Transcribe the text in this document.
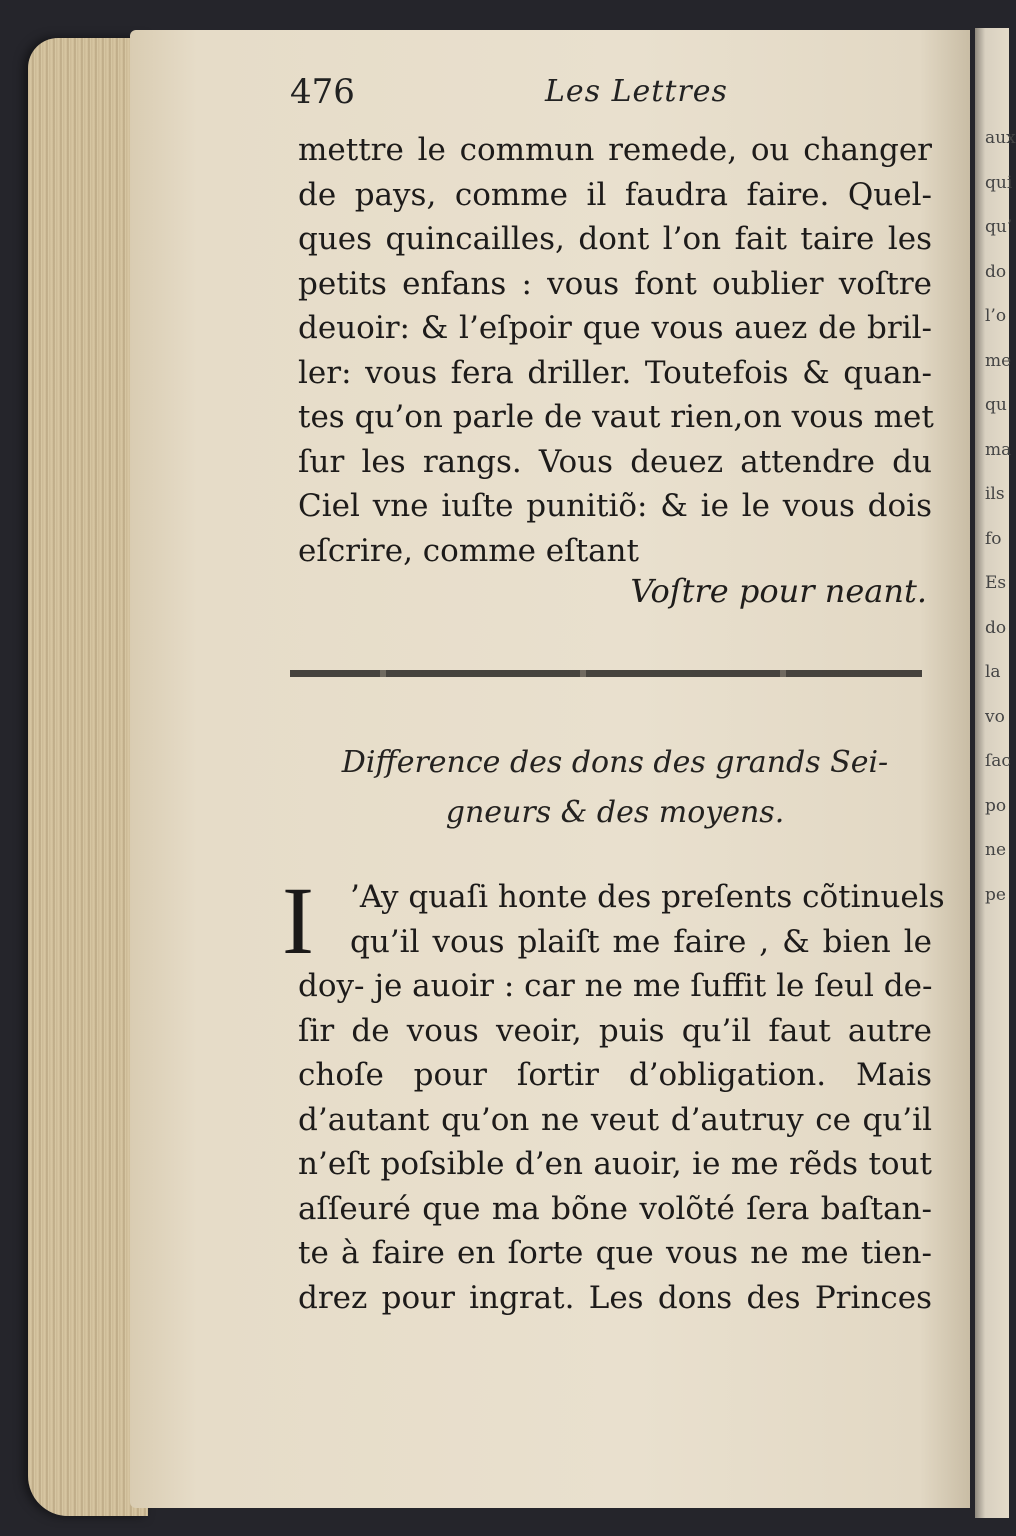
aux
qui
qu’
do
l’o
me
qu
ma
ils
fo
Es
do
la
vo
ſac
po
ne
pe
476	Les Lettres
mettre le commun remede, ou changer
de pays, comme il faudra faire. Quel-
ques quincailles, dont l’on fait taire les
petits enfans : vous font oublier voſtre
deuoir: & l’eſpoir que vous auez de bril-
ler: vous fera driller. Toutefois & quan-
tes qu’on parle de vaut rien,on vous met
ſur les rangs. Vous deuez attendre du
Ciel vne iuſte punitiõ: & ie le vous dois
eſcrire, comme eſtant
Voſtre pour neant.
Difference des dons des grands Sei-
gneurs & des moyens.
I	’Ay quaſi honte des preſents cõtinuels
qu’il vous plaiſt me faire , & bien le
doy- je auoir : car ne me ſuffit le ſeul de-
ſir de vous veoir, puis qu’il faut autre
choſe pour ſortir d’obligation. Mais
d’autant qu’on ne veut d’autruy ce qu’il
n’eſt poſsible d’en auoir, ie me rẽds tout
aſſeuré que ma bõne volõté ſera baſtan-
te à faire en ſorte que vous ne me tien-
drez pour ingrat. Les dons des Princes
